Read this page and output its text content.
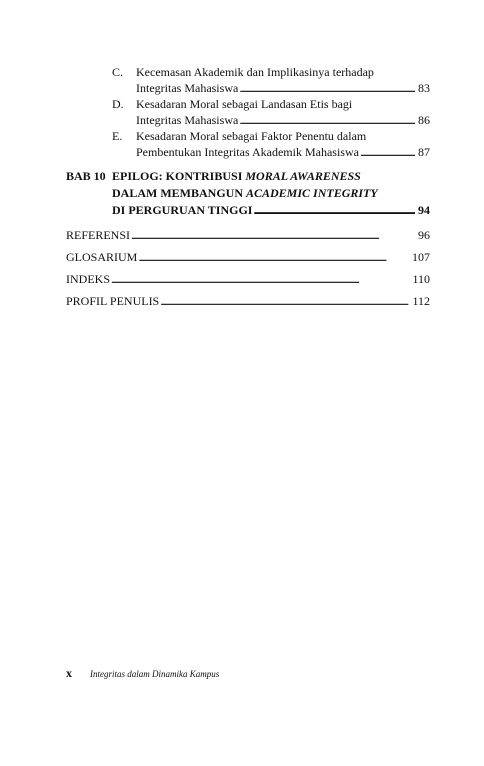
C. Kecemasan Akademik dan Implikasinya terhadap
Integritas Mahasiswa . . .	83
D. Kesadaran Moral sebagai Landasan Etis bagi
Integritas Mahasiswa . . .	86
E. Kesadaran Moral sebagai Faktor Penentu dalam
Pembentukan Integritas Akademik Mahasiswa . . .	87
BAB 10 EPILOG: KONTRIBUSI MORAL AWARENESS
DALAM MEMBANGUN ACADEMIC INTEGRITY
DI PERGURUAN TINGGI . . .	94
REFERENSI . . .	96
GLOSARIUM . . .	107
INDEKS . . .	110
PROFIL PENULIS . . .	112
x Integritas dalam Dinamika Kampus
